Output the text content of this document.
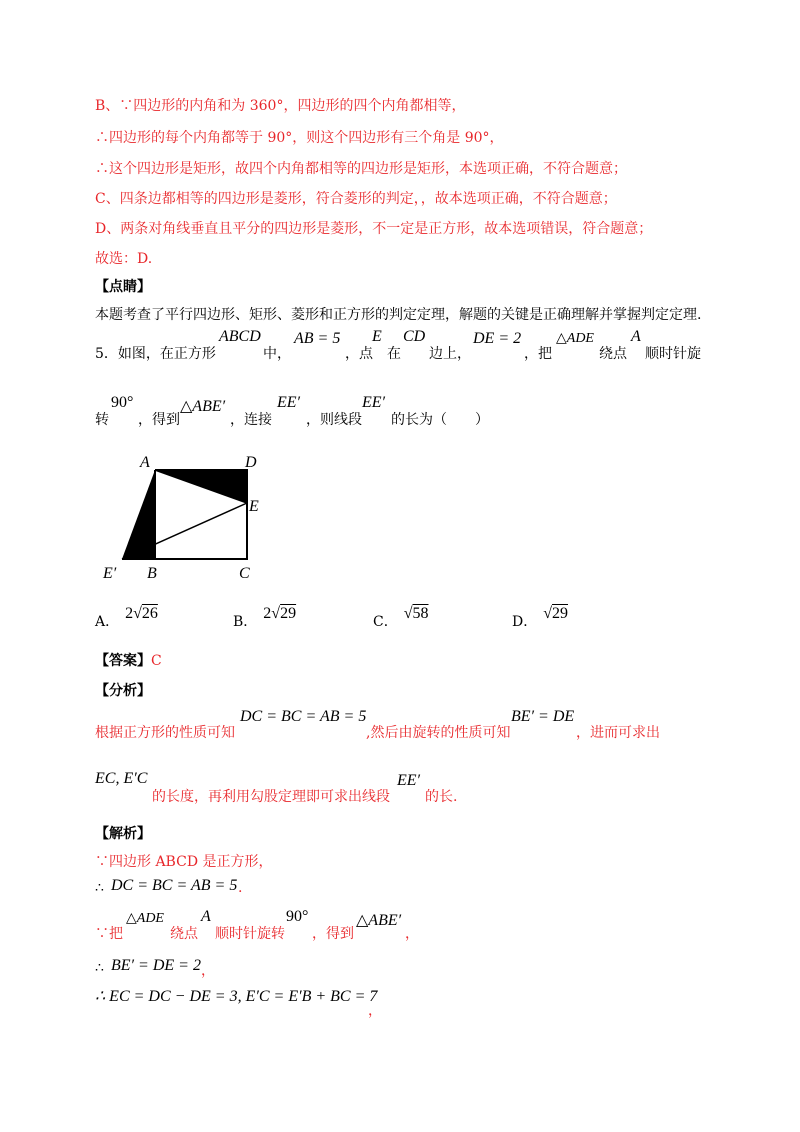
B、∵四边形的内角和为 360°，四边形的四个内角都相等，
∴四边形的每个内角都等于 90°，则这个四边形有三个角是 90°，
∴这个四边形是矩形，故四个内角都相等的四边形是矩形，本选项正确，不符合题意；
C、四条边都相等的四边形是菱形，符合菱形的判定，，故本选项正确，不符合题意；
D、两条对角线垂直且平分的四边形是菱形，不一定是正方形，故本选项错误，符合题意；
故选：D.
【点睛】
本题考查了平行四边形、矩形、菱形和正方形的判定定理，解题的关键是正确理解并掌握判定定理.
5．如图，在正方形
ABCD
中，
AB = 5
，点
E
在
CD
边上，
DE = 2
，把
△ADE
绕点
A
顺时针旋
转
90°
，得到
△ABE′
，连接
EE′
，则线段
EE′
的长为（　　）
A	D
E
E′ B	C
A． 2√26	B． 2√29	C． √58	D． √29
【答案】C
【分析】
根据正方形的性质可知
DC = BC = AB = 5
,然后由旋转的性质可知
BE′ = DE
，进而可求出
EC, E′C
的长度，再利用勾股定理即可求出线段
EE′
的长.
【解析】
∵四边形 ABCD 是正方形，
∴ DC = BC = AB = 5 .
∵把
△ADE
绕点
A
顺时针旋转
90°
，得到
△ABE′
，
∴ BE′ = DE = 2 ，
∴ EC = DC − DE = 3, E′C = E′B + BC = 7
，
